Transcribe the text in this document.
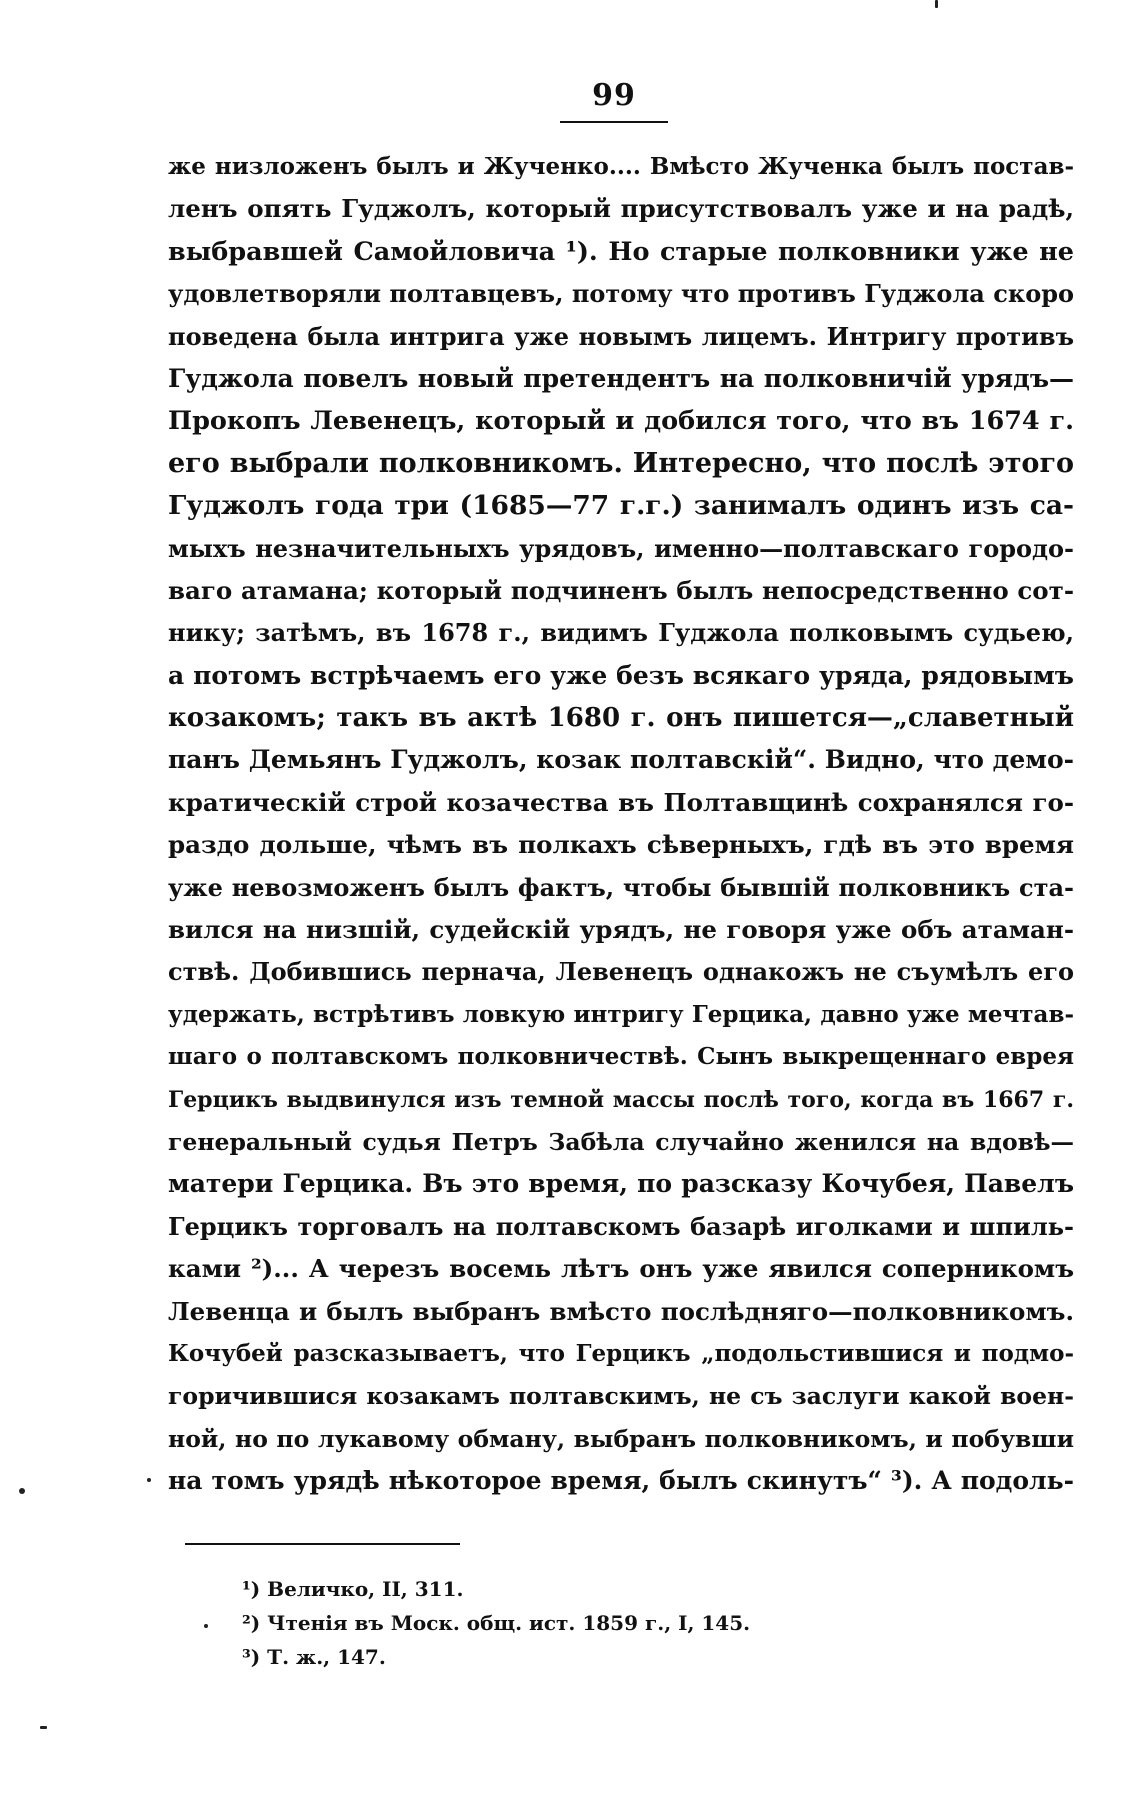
99
же низложенъ былъ и Жученко.... Вмѣсто Жученка былъ постав-
ленъ опять Гуджолъ, который присутствовалъ уже и на радѣ,
выбравшей Самойловича ¹). Но старые полковники уже не
удовлетворяли полтавцевъ, потому что противъ Гуджола скоро
поведена была интрига уже новымъ лицемъ. Интригу противъ
Гуджола повелъ новый претендентъ на полковничій урядъ—
Прокопъ Левенецъ, который и добился того, что въ 1674 г.
его выбрали полковникомъ. Интересно, что послѣ этого
Гуджолъ года три (1685—77 г.г.) занималъ одинъ изъ са-
мыхъ незначительныхъ урядовъ, именно—полтавскаго городо-
ваго атамана; который подчиненъ былъ непосредственно сот-
нику; затѣмъ, въ 1678 г., видимъ Гуджола полковымъ судьею,
а потомъ встрѣчаемъ его уже безъ всякаго уряда, рядовымъ
козакомъ; такъ въ актѣ 1680 г. онъ пишется—„славетный
панъ Демьянъ Гуджолъ, козак полтавскій“. Видно, что демо-
кратическій строй козачества въ Полтавщинѣ сохранялся го-
раздо дольше, чѣмъ въ полкахъ сѣверныхъ, гдѣ въ это время
уже невозможенъ былъ фактъ, чтобы бывшій полковникъ ста-
вился на низшій, судейскій урядъ, не говоря уже объ атаман-
ствѣ. Добившись пернача, Левенецъ однакожъ не съумѣлъ его
удержать, встрѣтивъ ловкую интригу Герцика, давно уже мечтав-
шаго о полтавскомъ полковничествѣ. Сынъ выкрещеннаго еврея
Герцикъ выдвинулся изъ темной массы послѣ того, когда въ 1667 г.
генеральный судья Петръ Забѣла случайно женился на вдовѣ—
матери Герцика. Въ это время, по разсказу Кочубея, Павелъ
Герцикъ торговалъ на полтавскомъ базарѣ иголками и шпиль-
ками ²)... А черезъ восемь лѣтъ онъ уже явился соперникомъ
Левенца и былъ выбранъ вмѣсто послѣдняго—полковникомъ.
Кочубей разсказываетъ, что Герцикъ „подольстившися и подмо-
горичившися козакамъ полтавскимъ, не съ заслуги какой воен-
ной, но по лукавому обману, выбранъ полковникомъ, и побувши
на томъ урядѣ нѣкоторое время, былъ скинутъ“ ³). А подоль-
¹) Величко, II, 311.
²) Чтенія въ Моск. общ. ист. 1859 г., I, 145.
³) Т. ж., 147.
